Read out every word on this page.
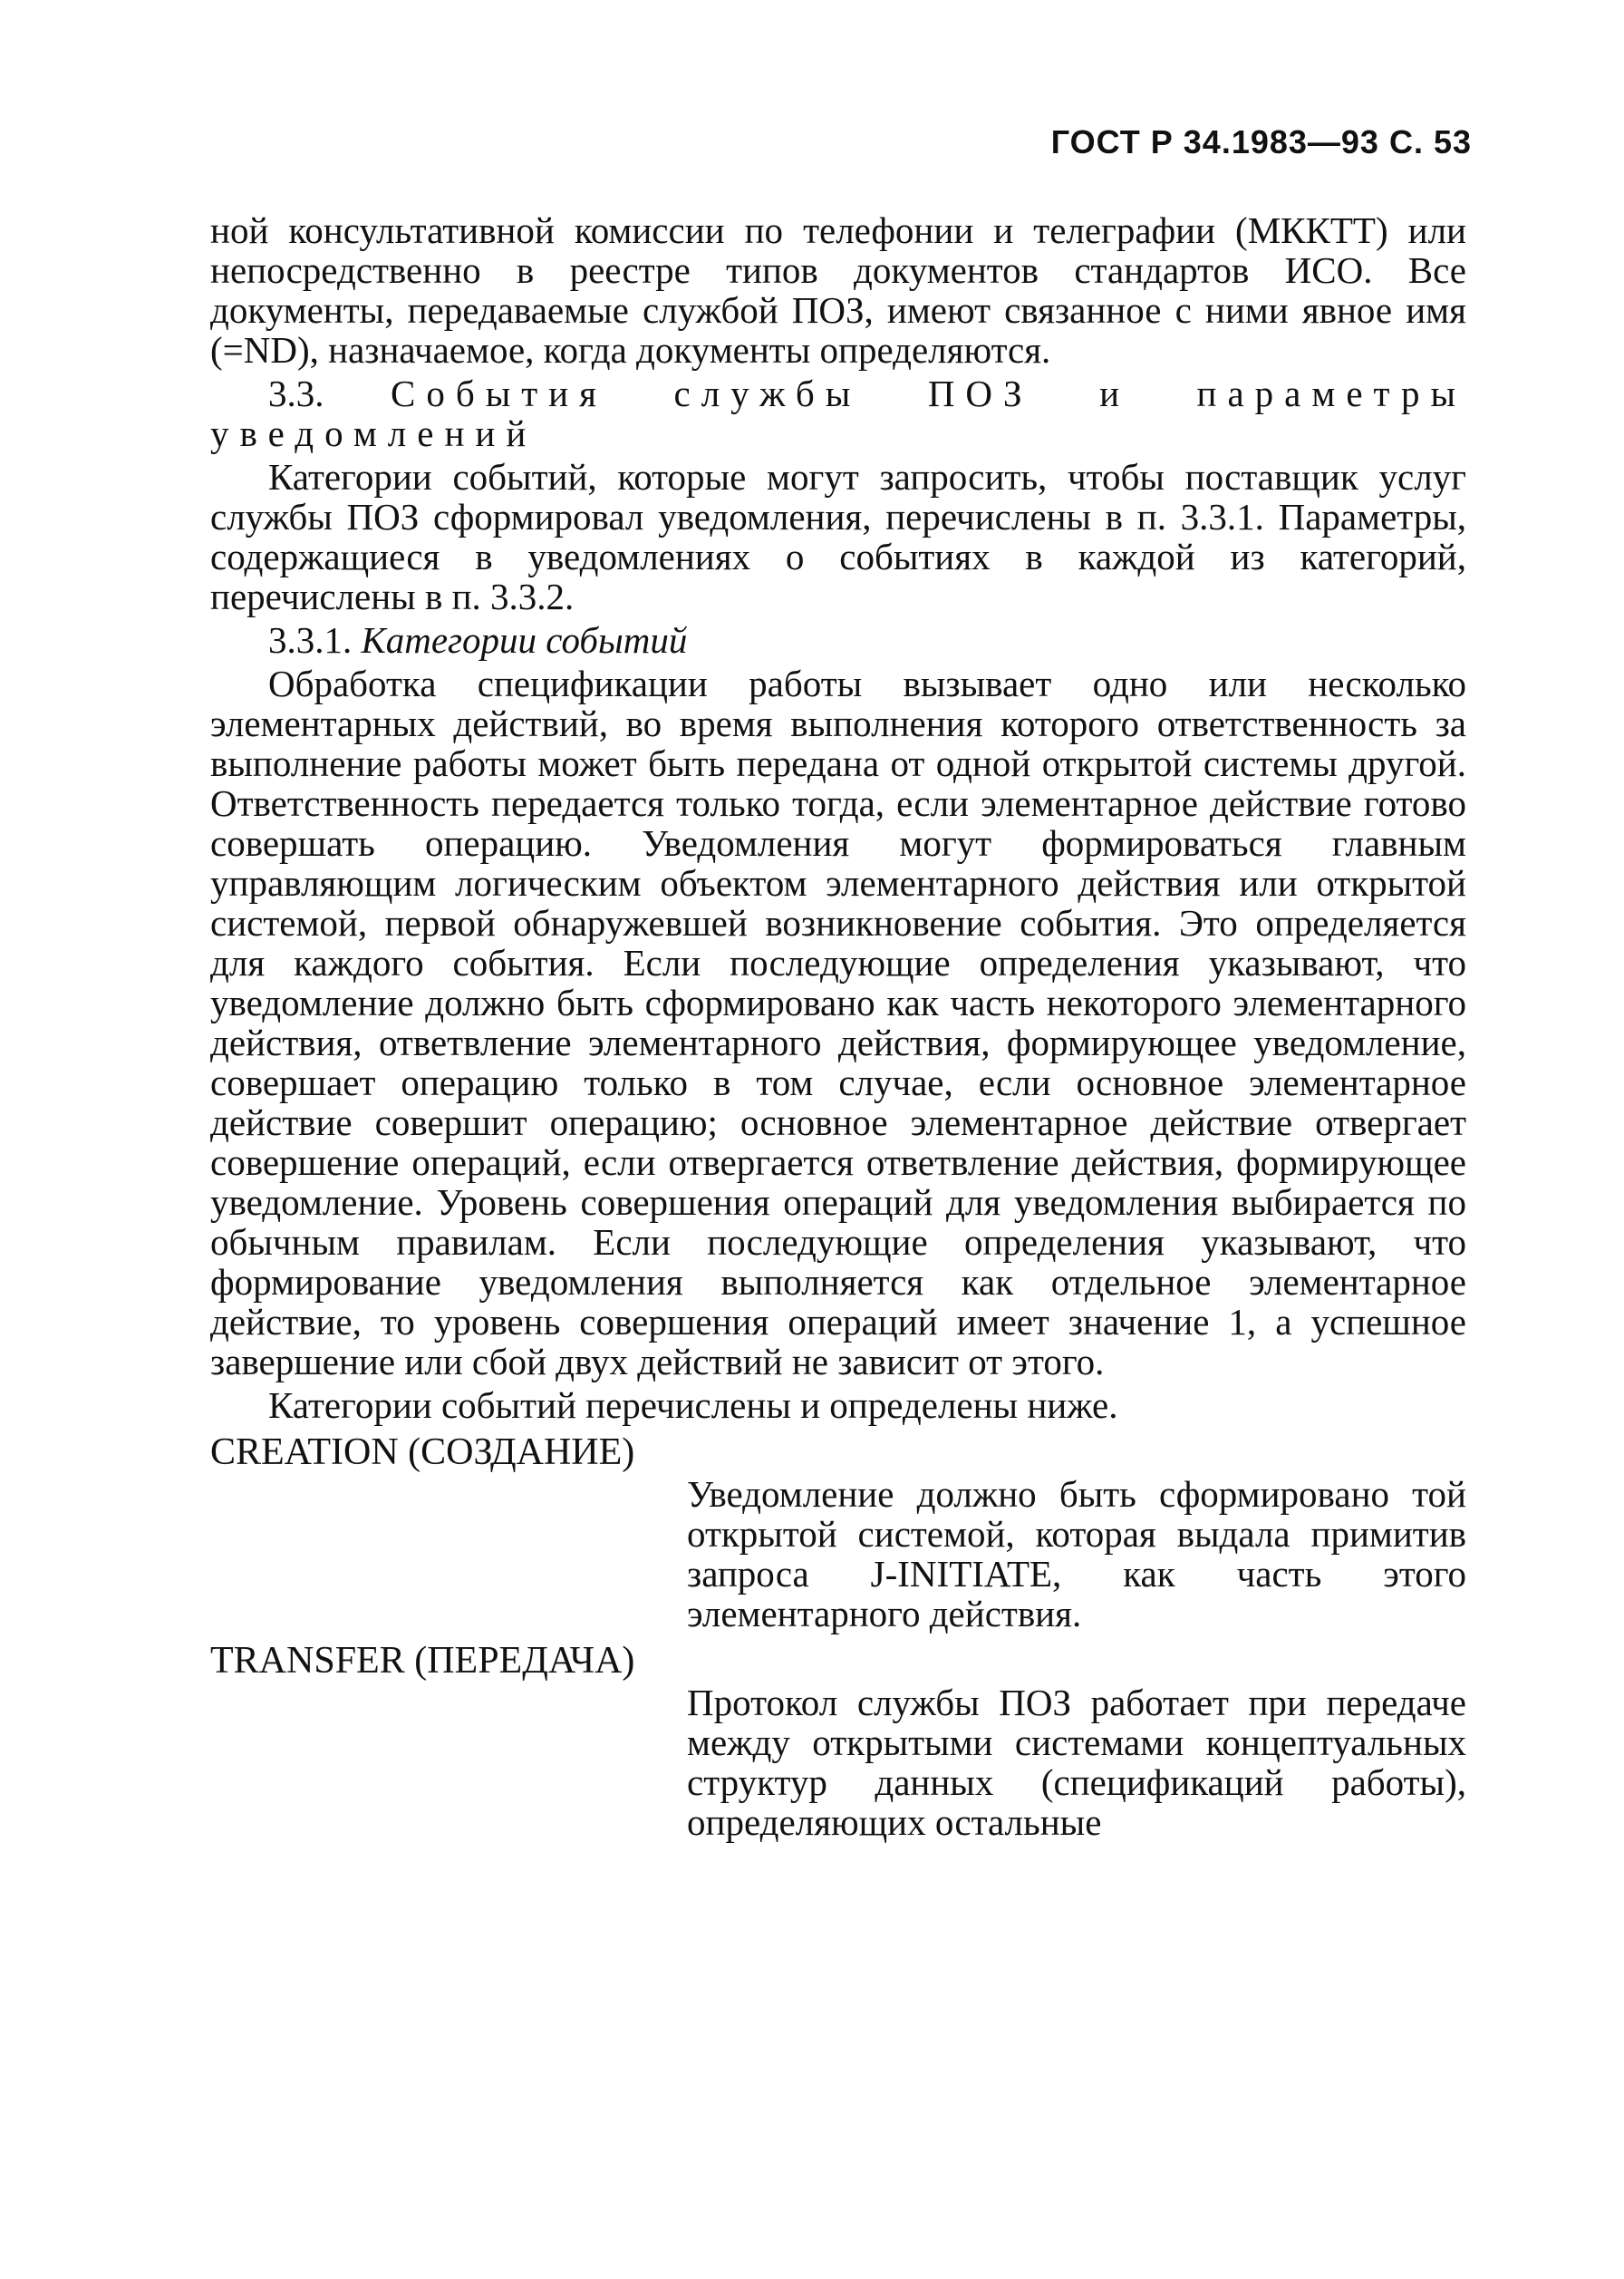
ГОСТ Р 34.1983—93 С. 53

ной консультативной комиссии по телефонии и телеграфии (МККТТ) или непосредственно в реестре типов документов стандартов ИСО. Все документы, передаваемые службой ПОЗ, имеют связанное с ними явное имя (=ND), назначаемое, когда документы определяются.

3.3. События службы ПОЗ и параметры уведомлений

Категории событий, которые могут запросить, чтобы поставщик услуг службы ПОЗ сформировал уведомления, перечислены в п. 3.3.1. Параметры, содержащиеся в уведомлениях о событиях в каждой из категорий, перечислены в п. 3.3.2.

3.3.1. Категории событий

Обработка спецификации работы вызывает одно или несколько элементарных действий, во время выполнения которого ответственность за выполнение работы может быть передана от одной открытой системы другой. Ответственность передается только тогда, если элементарное действие готово совершать операцию. Уведомления могут формироваться главным управляющим логическим объектом элементарного действия или открытой системой, первой обнаружевшей возникновение события. Это определяется для каждого события. Если последующие определения указывают, что уведомление должно быть сформировано как часть некоторого элементарного действия, ответвление элементарного действия, формирующее уведомление, совершает операцию только в том случае, если основное элементарное действие совершит операцию; основное элементарное действие отвергает совершение операций, если отвергается ответвление действия, формирующее уведомление. Уровень совершения операций для уведомления выбирается по обычным правилам. Если последующие определения указывают, что формирование уведомления выполняется как отдельное элементарное действие, то уровень совершения операций имеет значение 1, а успешное завершение или сбой двух действий не зависит от этого.

Категории событий перечислены и определены ниже.

CREATION (СОЗДАНИЕ)

Уведомление должно быть сформировано той открытой системой, которая выдала примитив запроса J-INITIATE, как часть этого элементарного действия.

TRANSFER (ПЕРЕДАЧА)

Протокол службы ПОЗ работает при передаче между открытыми системами концептуальных структур данных (спецификаций работы), определяющих остальные
